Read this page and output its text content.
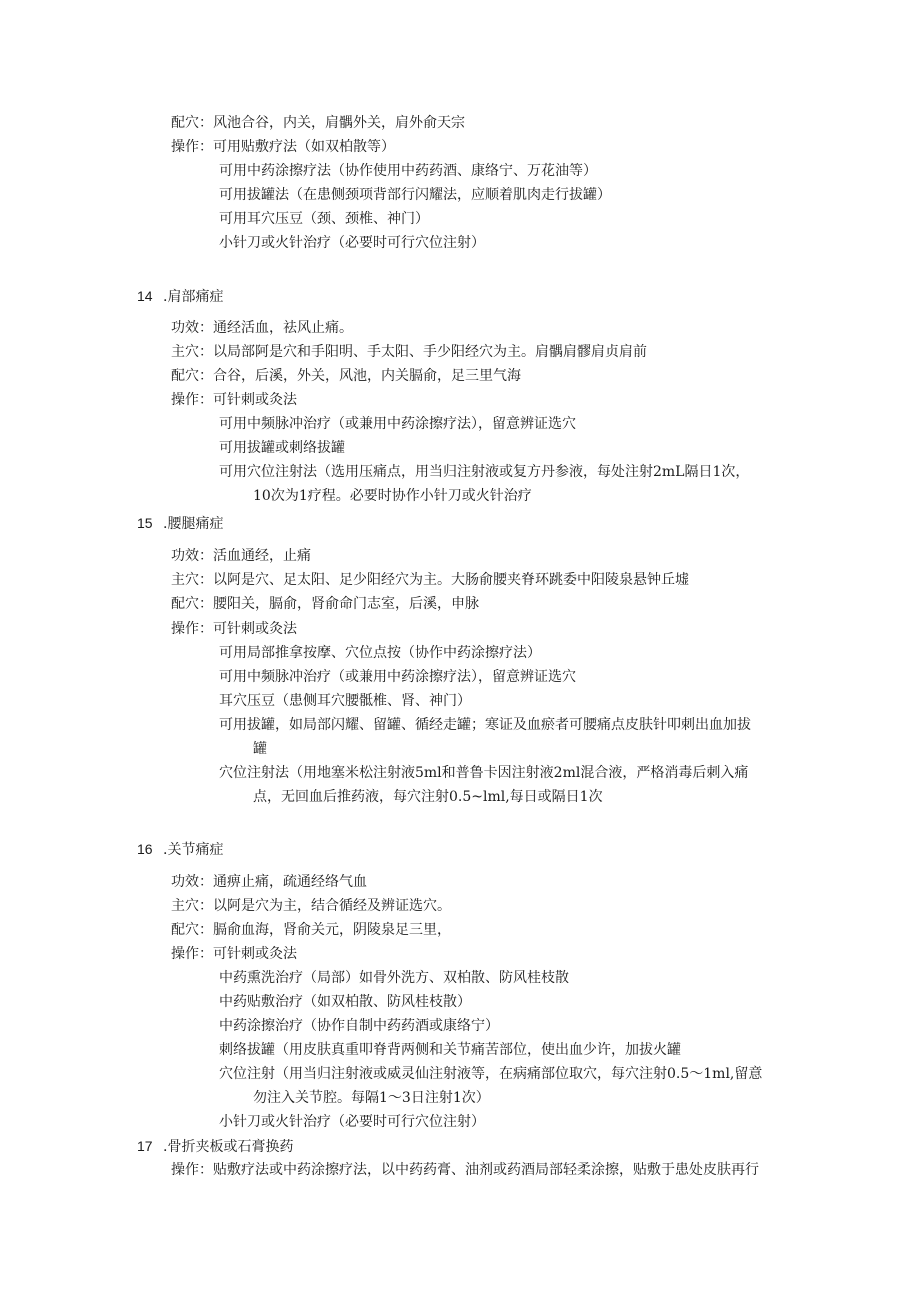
配穴：风池合谷，内关，肩髃外关，肩外俞天宗
操作：可用贴敷疗法（如双柏散等）
可用中药涂擦疗法（协作使用中药药酒、康络宁、万花油等）
可用拔罐法（在患侧颈项背部行闪耀法，应顺着肌肉走行拔罐）
可用耳穴压豆（颈、颈椎、神门）
小针刀或火针治疗（必要时可行穴位注射）
14 .肩部痛症
功效：通经活血，祛风止痛。
主穴：以局部阿是穴和手阳明、手太阳、手少阳经穴为主。肩髃肩髎肩贞肩前
配穴：合谷，后溪，外关，风池，内关膈俞，足三里气海
操作：可针刺或灸法
可用中频脉冲治疗（或兼用中药涂擦疗法），留意辨证选穴
可用拔罐或刺络拔罐
可用穴位注射法（选用压痛点，用当归注射液或复方丹参液，每处注射2mL隔日1次，
10次为1疗程。必要时协作小针刀或火针治疗
15 .腰腿痛症
功效：活血通经，止痛
主穴：以阿是穴、足太阳、足少阳经穴为主。大肠俞腰夹脊环跳委中阳陵泉悬钟丘墟
配穴：腰阳关，膈俞，肾俞命门志室，后溪，申脉
操作：可针刺或灸法
可用局部推拿按摩、穴位点按（协作中药涂擦疗法）
可用中频脉冲治疗（或兼用中药涂擦疗法），留意辨证选穴
耳穴压豆（患侧耳穴腰骶椎、肾、神门）
可用拔罐，如局部闪耀、留罐、循经走罐；寒证及血瘀者可腰痛点皮肤针叩刺出血加拔
罐
穴位注射法（用地塞米松注射液5ml和普鲁卡因注射液2ml混合液，严格消毒后刺入痛
点，无回血后推药液，每穴注射0.5~lml,每日或隔日1次
16 .关节痛症
功效：通痹止痛，疏通经络气血
主穴：以阿是穴为主，结合循经及辨证选穴。
配穴：膈俞血海，肾俞关元，阴陵泉足三里，
操作：可针刺或灸法
中药熏洗治疗（局部）如骨外洗方、双柏散、防风桂枝散
中药贴敷治疗（如双柏散、防风桂枝散）
中药涂擦治疗（协作自制中药药酒或康络宁）
刺络拔罐（用皮肤真重叩脊背两侧和关节痛苦部位，使出血少许，加拔火罐
穴位注射（用当归注射液或威灵仙注射液等，在病痛部位取穴，每穴注射0.5～1ml,留意
勿注入关节腔。每隔1～3日注射1次）
小针刀或火针治疗（必要时可行穴位注射）
17 .骨折夹板或石膏换药
操作：贴敷疗法或中药涂擦疗法，以中药药膏、油剂或药酒局部轻柔涂擦，贴敷于患处皮肤再行
